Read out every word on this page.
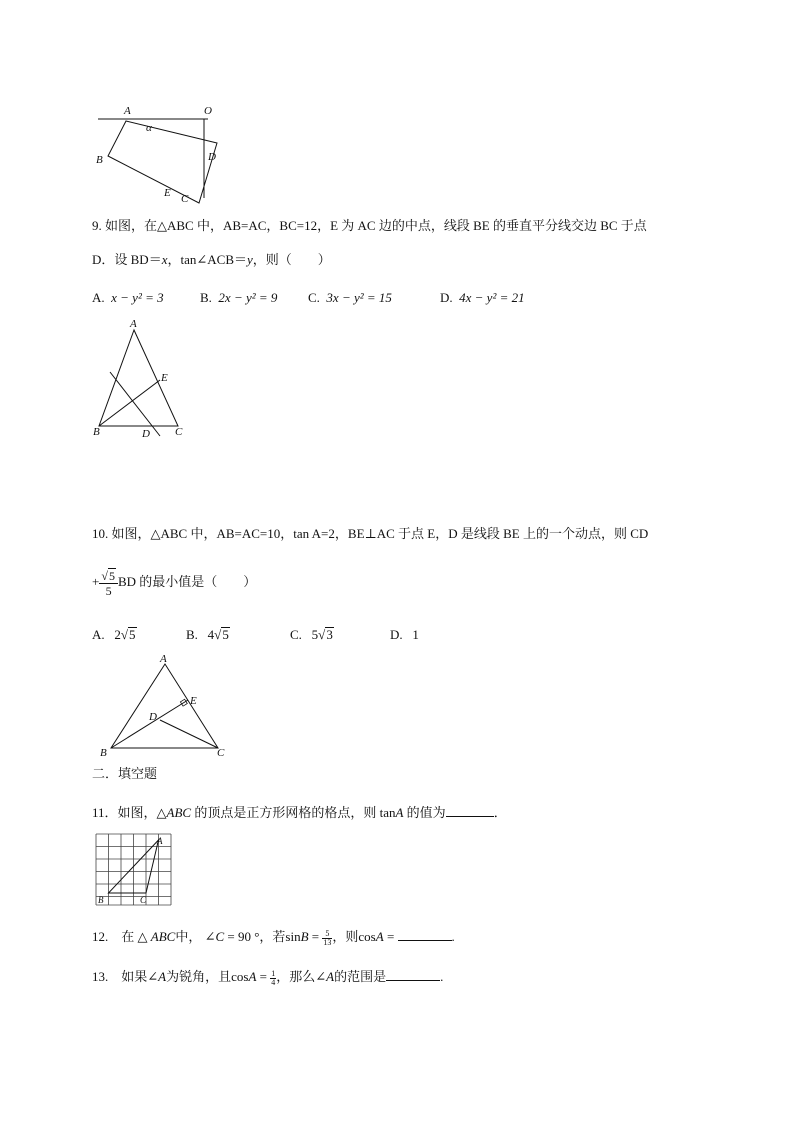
A	O
α
B	D
E C
9. 如图，在△ABC 中，AB=AC，BC=12，E 为 AC 边的中点，线段 BE 的垂直平分线交边 BC 于点
D．设 BD＝x，tan∠ACB＝y，则（　　）
A. x − y² = 3	B. 2x − y² = 9 C. 3x − y² = 15	D. 4x − y² = 21
A
E
B	D C
10. 如图，△ABC 中，AB=AC=10，tan A=2，BE⊥AC 于点 E，D 是线段 BE 上的一个动点，则 CD
+ $\frac{√5}{5}$ BD 的最小值是（　　）
A. 2√5	B. 4√5	C. 5√3	D. 1
A
E
D
B	C
二．填空题
11．如图，△ABC 的顶点是正方形网格的格点，则 tanA 的值为	．
A
B	C
12. 在 △ ABC中， ∠C = 90 °，若$\sin B = \frac{5}{13}$ ，则cosA =	.
13. 如果∠A为锐角，且$\cos A = \frac{1}{4}$ ，那么∠A的范围是	.
